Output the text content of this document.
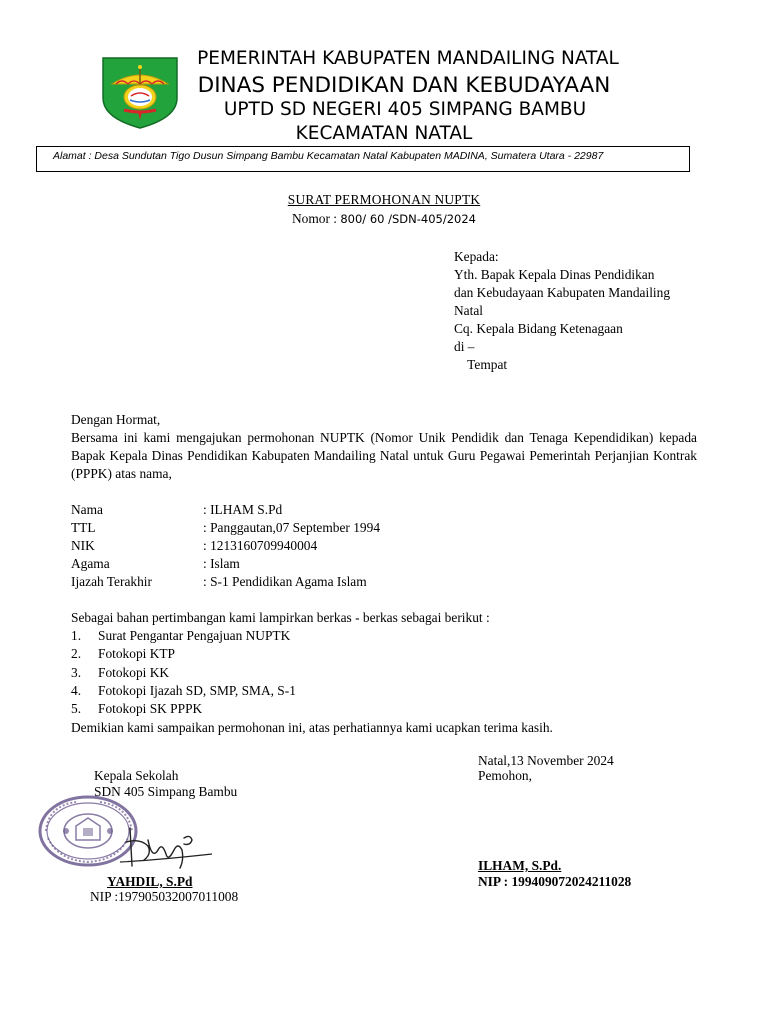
PEMERINTAH KABUPATEN MANDAILING NATAL
DINAS PENDIDIKAN DAN KEBUDAYAAN
UPTD SD NEGERI 405 SIMPANG BAMBU
KECAMATAN NATAL
Alamat : Desa Sundutan Tigo Dusun Simpang Bambu Kecamatan Natal Kabupaten MADINA, Sumatera Utara - 22987
SURAT PERMOHONAN NUPTK
Nomor : 800/ 60 /SDN-405/2024
Kepada:
Yth. Bapak Kepala Dinas Pendidikan
dan Kebudayaan Kabupaten Mandailing
Natal
Cq. Kepala Bidang Ketenagaan
di –
Tempat
Dengan Hormat,
Bersama ini kami mengajukan permohonan NUPTK (Nomor Unik Pendidik dan Tenaga Kependidikan) kepada Bapak Kepala Dinas Pendidikan Kabupaten Mandailing Natal untuk Guru Pegawai Pemerintah Perjanjian Kontrak (PPPK) atas nama,
Nama	: ILHAM S.Pd
TTL	: Panggautan,07 September 1994
NIK	: 1213160709940004
Agama	: Islam
Ijazah Terakhir	: S-1 Pendidikan Agama Islam
Sebagai bahan pertimbangan kami lampirkan berkas - berkas sebagai berikut :
1. Surat Pengantar Pengajuan NUPTK
2. Fotokopi KTP
3. Fotokopi KK
4. Fotokopi Ijazah SD, SMP, SMA, S-1
5. Fotokopi SK PPPK
Demikian kami sampaikan permohonan ini, atas perhatiannya kami ucapkan terima kasih.
Natal,13 November 2024
Pemohon,
Kepala Sekolah
SDN 405 Simpang Bambu
YAHDIL, S.Pd
NIP :197905032007011008
ILHAM, S.Pd.
NIP : 199409072024211028
